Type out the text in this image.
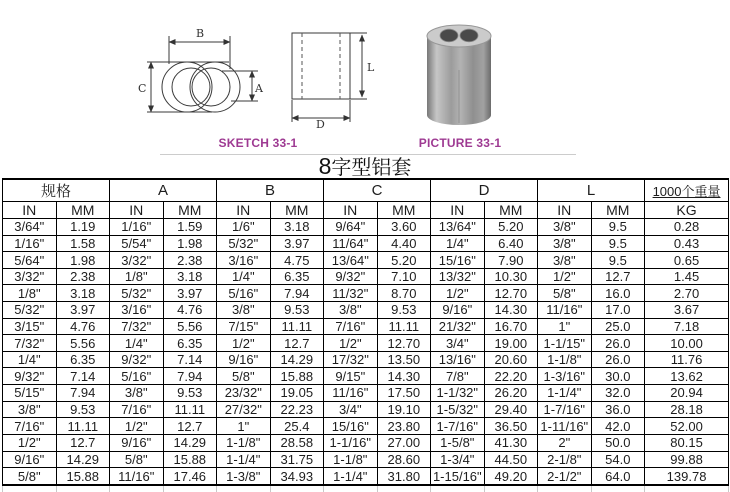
B
C	A
L
D
SKETCH 33-1	PICTURE 33-1
8字型铝套
规格		A		B		C		D		L		1000个重量
IN	MM	IN	MM	IN	MM	IN	MM	IN	MM	IN	MM	KG
3/64"	1.19	1/16"	1.59	1/6"	3.18	9/64"	3.60	13/64"	5.20	3/8"	9.5	0.28
1/16"	1.58	5/54"	1.98	5/32"	3.97	11/64"	4.40	1/4"	6.40	3/8"	9.5	0.43
5/64"	1.98	3/32"	2.38	3/16"	4.75	13/64"	5.20	15/16"	7.90	3/8"	9.5	0.65
3/32"	2.38	1/8"	3.18	1/4"	6.35	9/32"	7.10	13/32"	10.30	1/2"	12.7	1.45
1/8"	3.18	5/32"	3.97	5/16"	7.94	11/32"	8.70	1/2"	12.70	5/8"	16.0	2.70
5/32"	3.97	3/16"	4.76	3/8"	9.53	3/8"	9.53	9/16"	14.30	11/16"	17.0	3.67
3/15"	4.76	7/32"	5.56	7/15"	11.11	7/16"	11.11	21/32"	16.70	1"	25.0	7.18
7/32"	5.56	1/4"	6.35	1/2"	12.7	1/2"	12.70	3/4"	19.00	1-1/15"	26.0	10.00
1/4"	6.35	9/32"	7.14	9/16"	14.29	17/32"	13.50	13/16"	20.60	1-1/8"	26.0	11.76
9/32"	7.14	5/16"	7.94	5/8"	15.88	9/15"	14.30	7/8"	22.20	1-3/16"	30.0	13.62
5/15"	7.94	3/8"	9.53	23/32"	19.05	11/16"	17.50	1-1/32"	26.20	1-1/4"	32.0	20.94
3/8"	9.53	7/16"	11.11	27/32"	22.23	3/4"	19.10	1-5/32"	29.40	1-7/16"	36.0	28.18
7/16"	11.11	1/2"	12.7	1"	25.4	15/16"	23.80	1-7/16"	36.50	1-11/16"	42.0	52.00
1/2"	12.7	9/16"	14.29	1-1/8"	28.58	1-1/16"	27.00	1-5/8"	41.30	2"	50.0	80.15
9/16"	14.29	5/8"	15.88	1-1/4"	31.75	1-1/8"	28.60	1-3/4"	44.50	2-1/8"	54.0	99.88
5/8"	15.88	11/16"	17.46	1-3/8"	34.93	1-1/4"	31.80	1-15/16"	49.20	2-1/2"	64.0	139.78
